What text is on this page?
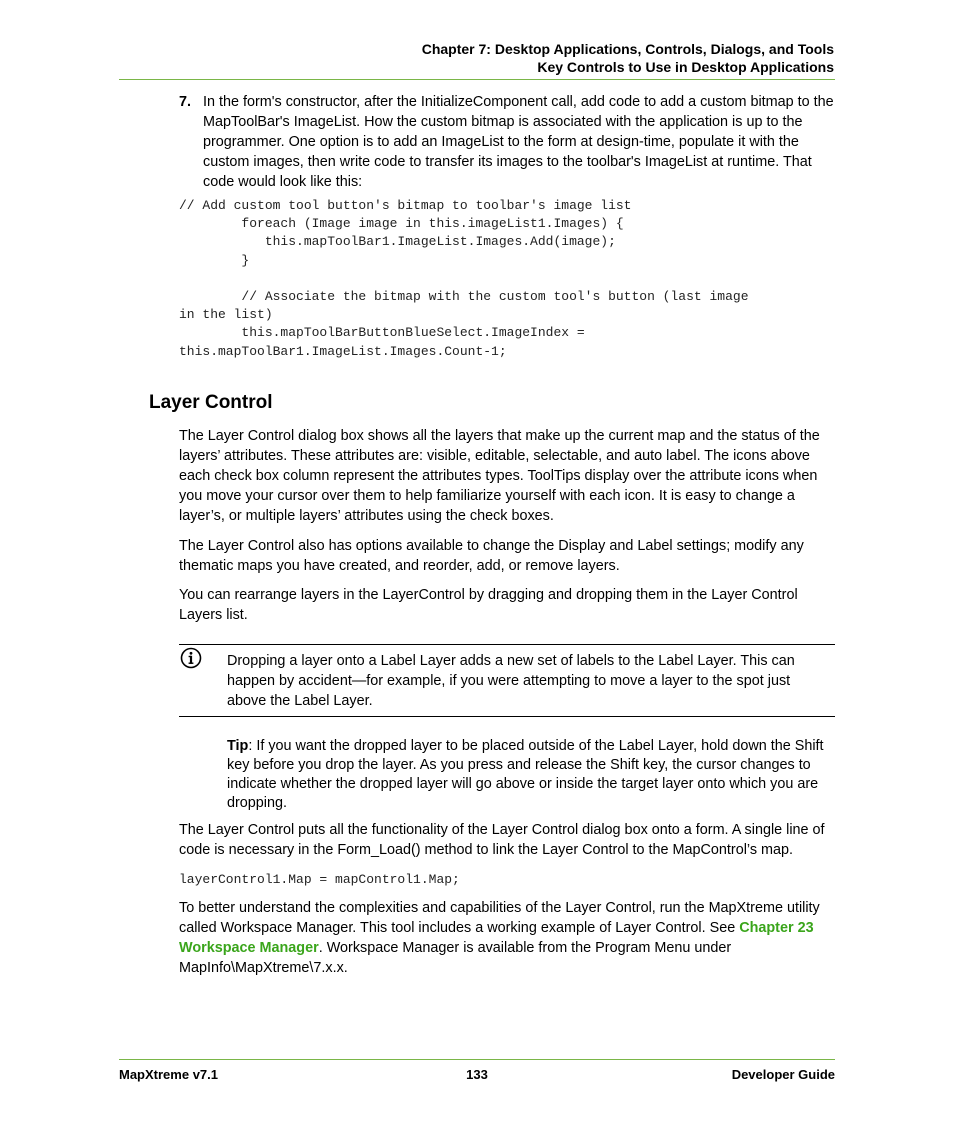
Chapter 7: Desktop Applications, Controls, Dialogs, and Tools
Key Controls to Use in Desktop Applications
7. In the form's constructor, after the InitializeComponent call, add code to add a custom bitmap to the MapToolBar's ImageList. How the custom bitmap is associated with the application is up to the programmer. One option is to add an ImageList to the form at design-time, populate it with the custom images, then write code to transfer its images to the toolbar's ImageList at runtime. That code would look like this:

// Add custom tool button's bitmap to toolbar's image list
foreach (Image image in this.imageList1.Images) {
this.mapToolBar1.ImageList.Images.Add(image);
}

// Associate the bitmap with the custom tool's button (last image
in the list)
this.mapToolBarButtonBlueSelect.ImageIndex =
this.mapToolBar1.ImageList.Images.Count-1;
Layer Control

The Layer Control dialog box shows all the layers that make up the current map and the status of the layers’ attributes. These attributes are: visible, editable, selectable, and auto label. The icons above each check box column represent the attributes types. ToolTips display over the attribute icons when you move your cursor over them to help familiarize yourself with each icon. It is easy to change a layer’s, or multiple layers’ attributes using the check boxes.

The Layer Control also has options available to change the Display and Label settings; modify any thematic maps you have created, and reorder, add, or remove layers.

You can rearrange layers in the LayerControl by dragging and dropping them in the Layer Control Layers list.

Dropping a layer onto a Label Layer adds a new set of labels to the Label Layer. This can happen by accident—for example, if you were attempting to move a layer to the spot just above the Label Layer.

Tip: If you want the dropped layer to be placed outside of the Label Layer, hold down the Shift key before you drop the layer. As you press and release the Shift key, the cursor changes to indicate whether the dropped layer will go above or inside the target layer onto which you are dropping.

The Layer Control puts all the functionality of the Layer Control dialog box onto a form. A single line of code is necessary in the Form_Load() method to link the Layer Control to the MapControl’s map.

layerControl1.Map = mapControl1.Map;

To better understand the complexities and capabilities of the Layer Control, run the MapXtreme utility called Workspace Manager. This tool includes a working example of Layer Control. See Chapter 23 Workspace Manager. Workspace Manager is available from the Program Menu under MapInfo\MapXtreme\7.x.x.

MapXtreme v7.1	133	Developer Guide
